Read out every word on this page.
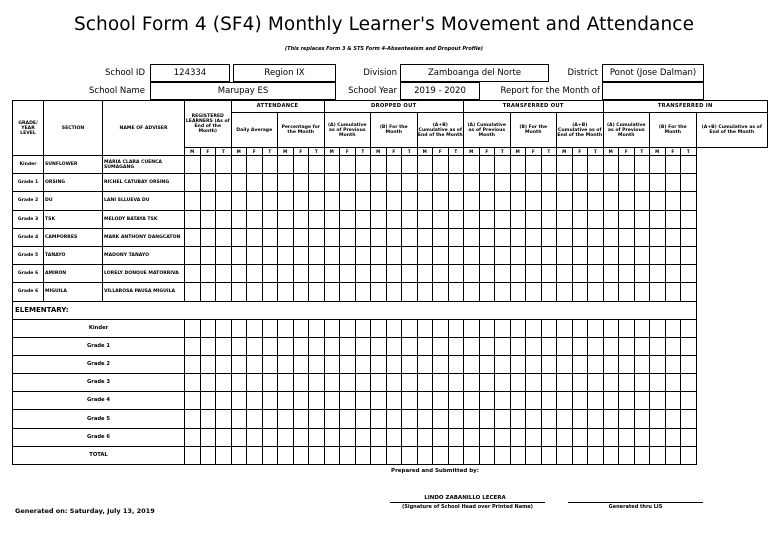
School Form 4 (SF4) Monthly Learner's Movement and Attendance
(This replaces Form 3 & STS Form 4-Absenteeism and Dropout Profile)
School ID	124334	Region IX	Division	Zamboanga del Norte	District	Ponot (Jose Dalman)
School Name	Marupay ES	School Year	2019 - 2020	Report for the Month of
GRADE/ YEAR LEVEL	SECTION	NAME OF ADVISER	REGISTERED LEARNERS (As of End of the Month)			ATTENDANCE						DROPPED OUT									TRANSFERRED OUT									TRANSFERRED IN						
						Daily Average			Percentage for the Month			(A) Cumulative as of Previous Month			(B) For the Month			(A+B) Cumulative as of End of the Month			(A) Cumulative as of Previous Month			(B) For the Month			(A+B) Cumulative as of End of the Month			(A) Cumulative as of Previous Month			(B) For the Month			(A+B) Cumulative as of End of the Month
			M	F	T	M	F	T	M	F	T	M	F	T	M	F	T	M	F	T	M	F	T	M	F	T	M	F	T	M	F	T	M	F	T	
Kinder	SUNFLOWER	MARIA CLARA CUENCA SUMAGANG																																		
Grade 1	ORSING	RICHEL CATUBAY ORSING																																		
Grade 2	DU	LANI SLLUEVA DU																																		
Grade 3	TSK	MELODY BATAYA TSK																																		
Grade 4	CAMPORRES	MARK ANTHONY DANGCATON																																		
Grade 5	TAÑAYO	MADONY TAÑAYO																																		
Grade 6	AMIRON	LORELY DONQUE MATORRIVA																																		
Grade 6	MIGUILA	VILLAROSA PAUSA MIGUILA																																		
ELEMENTARY:																																				
Kinder																																				
Grade 1																																				
Grade 2																																				
Grade 3																																				
Grade 4																																				
Grade 5																																				
Grade 6																																				
TOTAL																																				
Prepared and Submitted by:
LINDO ZABANILLO LECERA
(Signature of School Head over Printed Name)	Generated thru LIS
Generated on: Saturday, July 13, 2019
